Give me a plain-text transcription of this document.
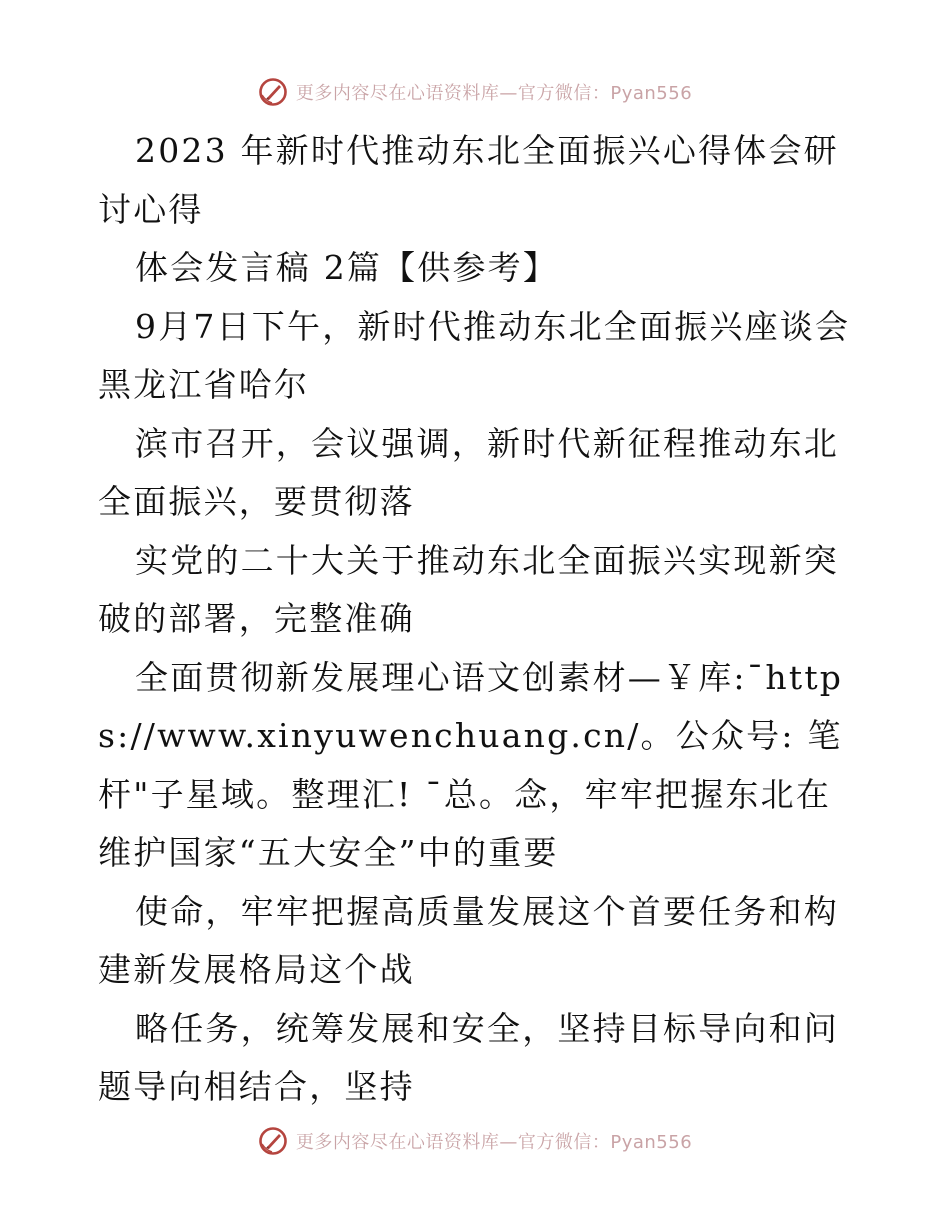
更多内容尽在心语资料库—官方微信：Pyan556

2023 年新时代推动东北全面振兴心得体会研讨心得

体会发言稿 2篇【供参考】

9月7日下午，新时代推动东北全面振兴座谈会黑龙江省哈尔

滨市召开，会议强调，新时代新征程推动东北全面振兴，要贯彻落

实党的二十大关于推动东北全面振兴实现新突破的部署，完整准确

全面贯彻新发展理心语文创素材—￥库:¯https://www.xinyuwenchuang.cn/。公众号: 笔杆"子星域。整理汇! ¯总。念，牢牢把握东北在维护国家“五大安全”中的重要

使命，牢牢把握高质量发展这个首要任务和构建新发展格局这个战

略任务，统筹发展和安全，坚持目标导向和问题导向相结合，坚持

更多内容尽在心语资料库—官方微信：Pyan556
